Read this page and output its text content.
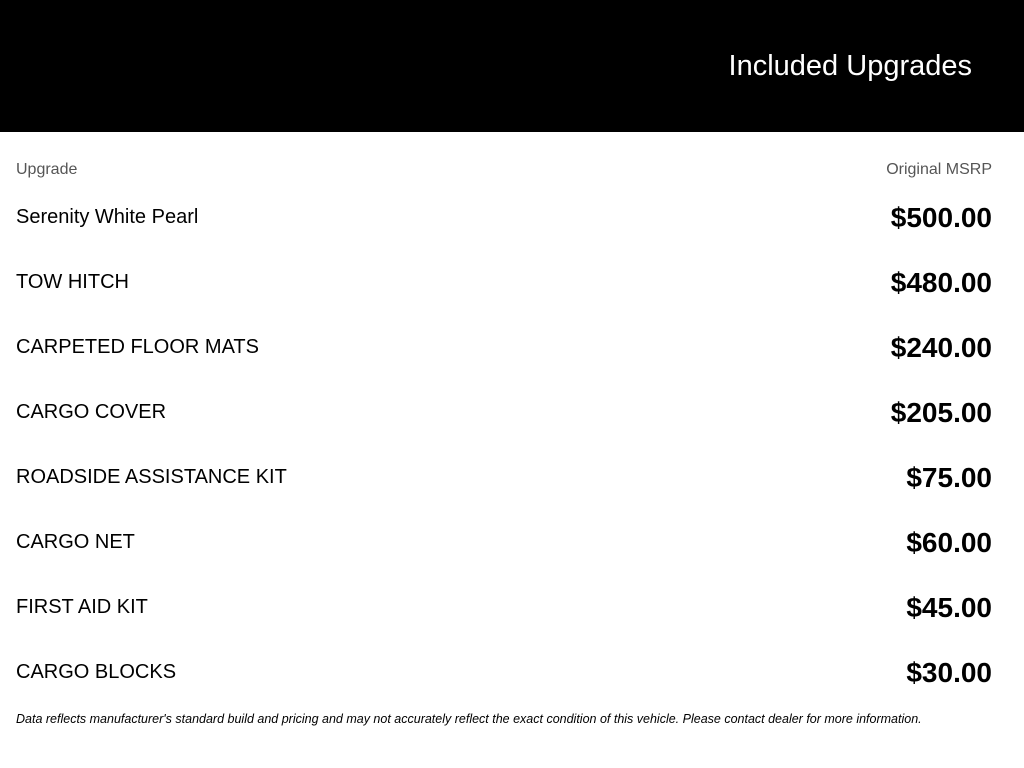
Included Upgrades
Upgrade	Original MSRP
Serenity White Pearl	$500.00
TOW HITCH	$480.00
CARPETED FLOOR MATS	$240.00
CARGO COVER	$205.00
ROADSIDE ASSISTANCE KIT	$75.00
CARGO NET	$60.00
FIRST AID KIT	$45.00
CARGO BLOCKS	$30.00

Data reflects manufacturer's standard build and pricing and may not accurately reflect the exact condition of this vehicle. Please contact dealer for more information.
